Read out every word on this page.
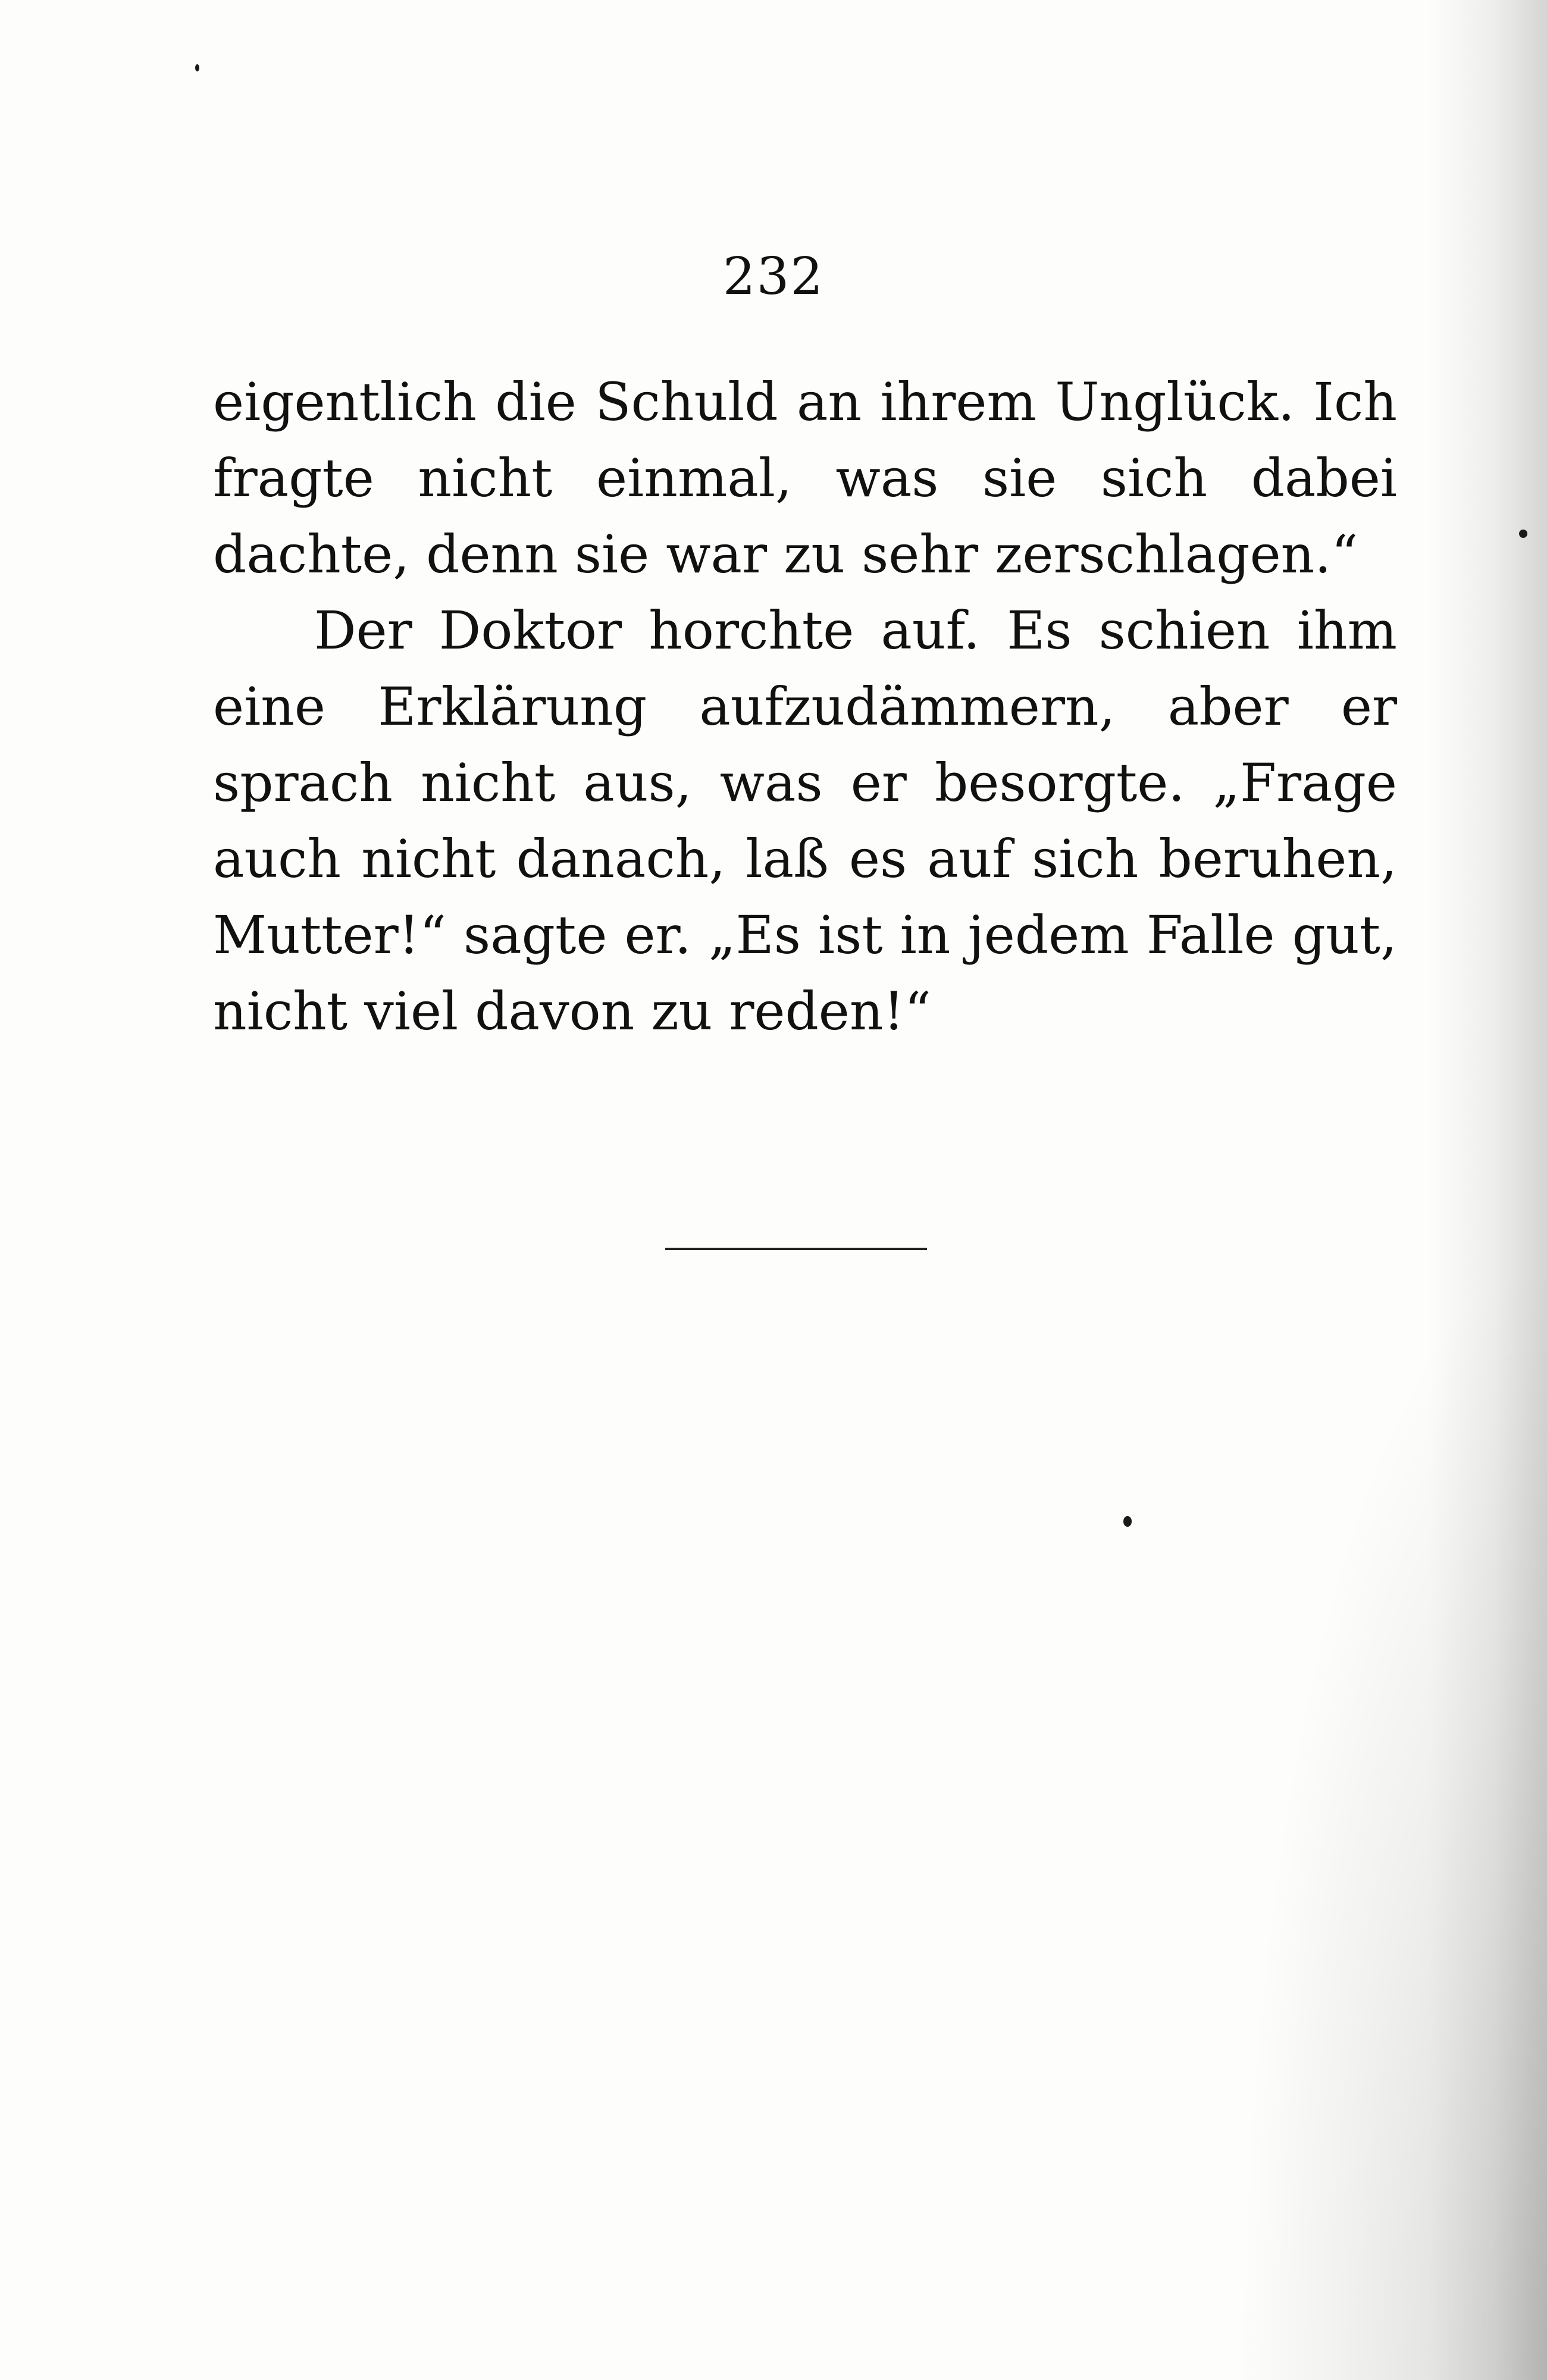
232

eigentlich die Schuld an ihrem Unglück. Ich fragte nicht einmal, was sie sich dabei dachte, denn sie war zu sehr zerschlagen.“

Der Doktor horchte auf. Es schien ihm eine Erklärung aufzudämmern, aber er sprach nicht aus, was er besorgte. „Frage auch nicht danach, laß es auf sich beruhen, Mutter!“ sagte er. „Es ist in jedem Falle gut, nicht viel davon zu reden!“
